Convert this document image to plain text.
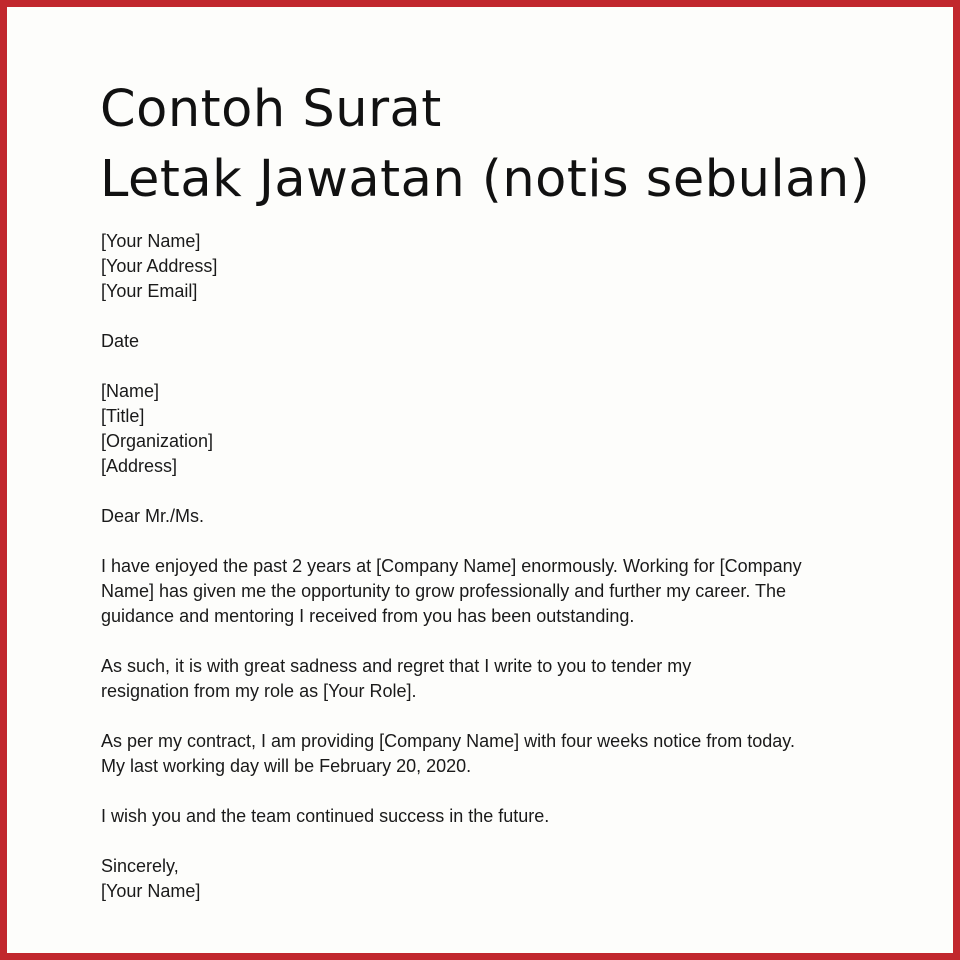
Contoh Surat
Letak Jawatan (notis sebulan)
[Your Name]
[Your Address]
[Your Email]
Date
[Name]
[Title]
[Organization]
[Address]
Dear Mr./Ms.
I have enjoyed the past 2 years at [Company Name] enormously. Working for [Company
Name] has given me the opportunity to grow professionally and further my career. The
guidance and mentoring I received from you has been outstanding.
As such, it is with great sadness and regret that I write to you to tender my
resignation from my role as [Your Role].
As per my contract, I am providing [Company Name] with four weeks notice from today.
My last working day will be February 20, 2020.
I wish you and the team continued success in the future.
Sincerely,
[Your Name]
